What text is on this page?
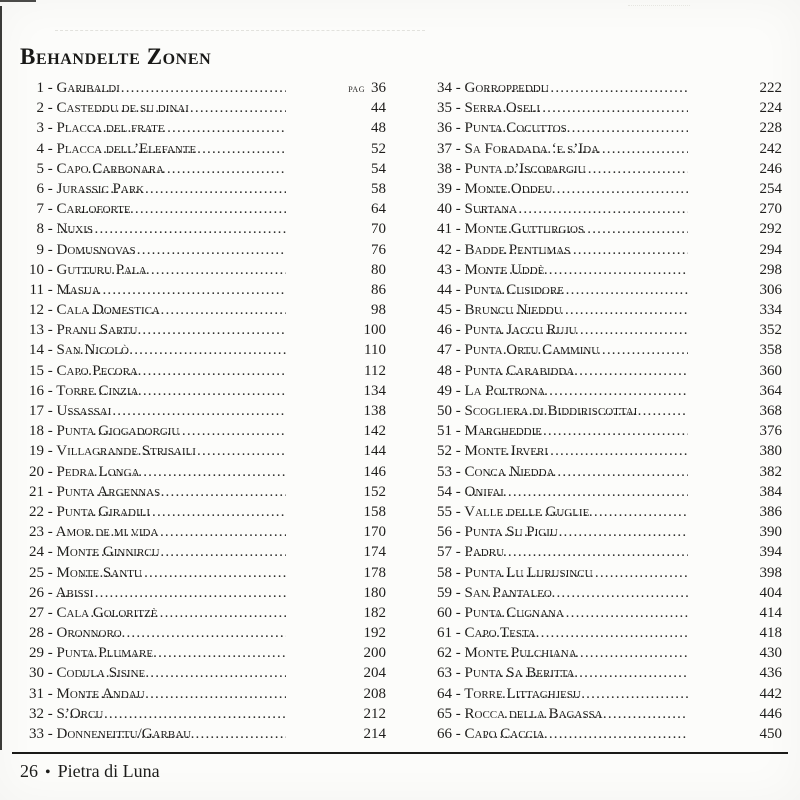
Behandelte Zonen
1 - Garibaldi .....	pag 36
2 - Casteddu de su dinai .....	44
3 - Placca del frate .....	48
4 - Placca dell’Elefante .....	52
5 - Capo Carbonara .....	54
6 - Jurassic Park .....	58
7 - Carloforte .....	64
8 - Nuxis .....	70
9 - Domusnovas .....	76
10 - Gutturu Pala .....	80
11 - Masua .....	86
12 - Cala Domestica .....	98
13 - Pranu Sartu .....	100
14 - San Nicolò .....	110
15 - Capo Pecora .....	112
16 - Torre Cinzia .....	134
17 - Ussassai .....	138
18 - Punta Giogadorgiu .....	142
19 - Villagrande Strisaili .....	144
20 - Pedra Longa .....	146
21 - Punta Argennas .....	152
22 - Punta Giradili .....	158
23 - Amor de mi vida .....	170
24 - Monte Ginnircu .....	174
25 - Monte Santu .....	178
26 - Abissi .....	180
27 - Cala Goloritzè .....	182
28 - Oronnoro .....	192
29 - Punta Plumare .....	200
30 - Codula Sisine .....	204
31 - Monte Andau .....	208
32 - S’Orcu .....	212
33 - Donneneittu/Garbau .....	214
34 - Gorroppeddu .....	222
35 - Serra Oseli .....	224
36 - Punta Cocuttos .....	228
37 - Sa Foradada ‘e s’Ida .....	242
38 - Punta d’Iscopargiu .....	246
39 - Monte Oddeu .....	254
40 - Surtana .....	270
41 - Monte Gutturgios .....	292
42 - Badde Pentumas .....	294
43 - Monte Uddè .....	298
44 - Punta Cusidore .....	306
45 - Bruncu Nieddu .....	334
46 - Punta Jaccu Ruju .....	352
47 - Punta Ortu Camminu .....	358
48 - Punta Carabidda .....	360
49 - La Poltrona .....	364
50 - Scogliera di Biddiriscottai .....	368
51 - Margheddie .....	376
52 - Monte Irveri .....	380
53 - Conca Niedda .....	382
54 - Onifai .....	384
55 - Valle delle Guglie .....	386
56 - Punta Su Pigiu .....	390
57 - Padru .....	394
58 - Punta Lu Lurusincu .....	398
59 - San Pantaleo .....	404
60 - Punta Cugnana .....	414
61 - Capo Testa .....	418
62 - Monte Pulchiana .....	430
63 - Punta Sa Beritta .....	436
64 - Torre Littaghjesu .....	442
65 - Rocca della Bagassa .....	446
66 - Capo Caccia .....	450
26 • Pietra di Luna
